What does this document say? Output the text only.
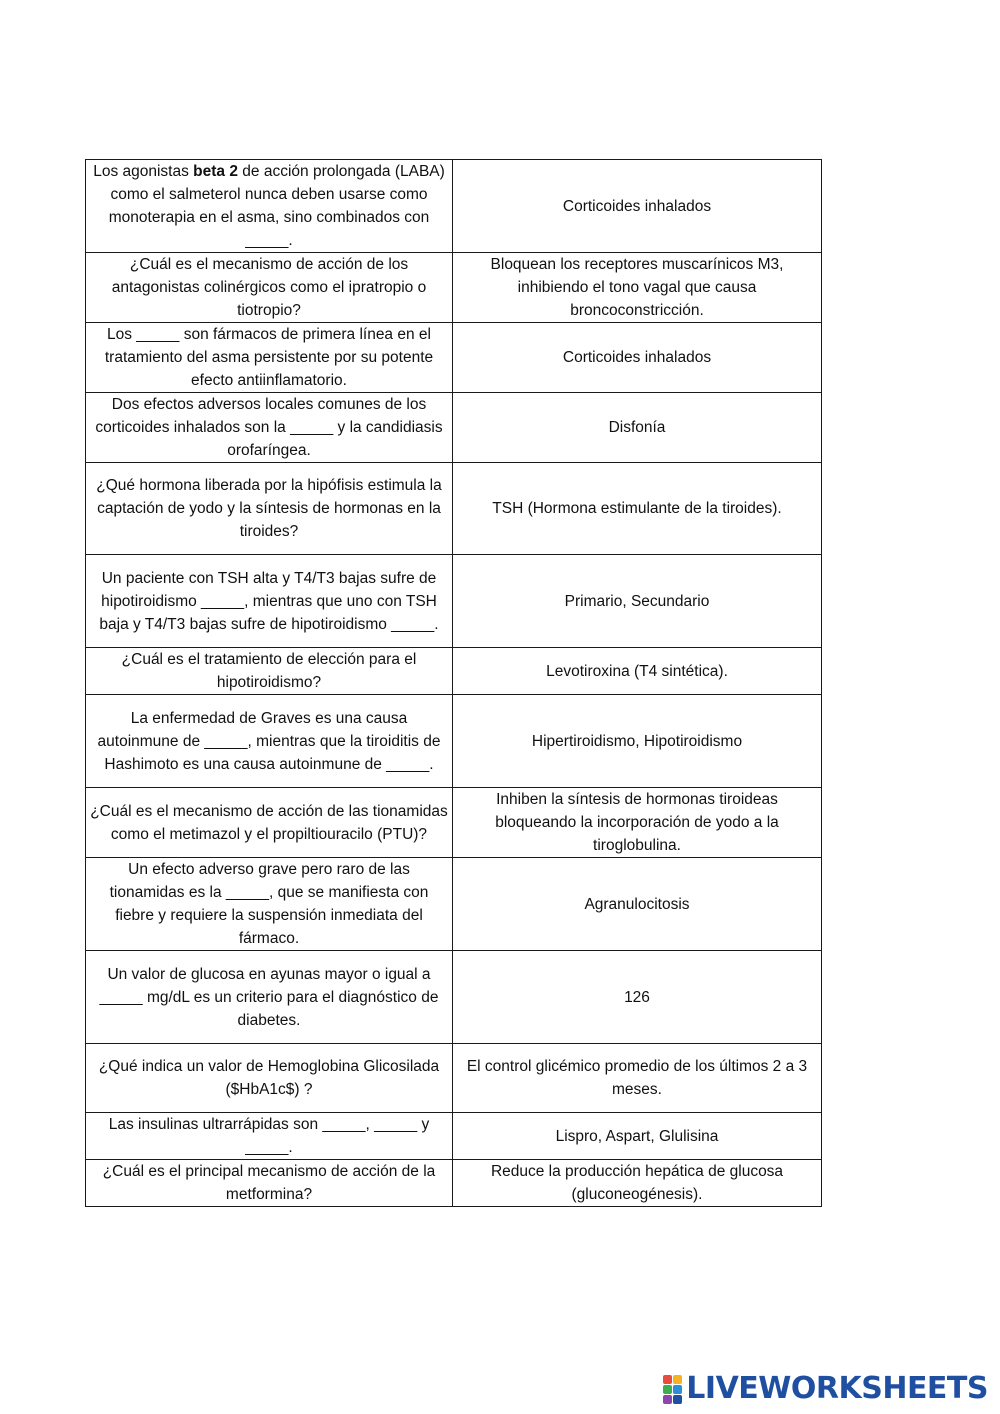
Los agonistas beta 2 de acción prolongada (LABA) como el salmeterol nunca deben usarse como monoterapia en el asma, sino combinados con _____.	Corticoides inhalados
¿Cuál es el mecanismo de acción de los antagonistas colinérgicos como el ipratropio o tiotropio?	Bloquean los receptores muscarínicos M3, inhibiendo el tono vagal que causa broncoconstricción.
Los _____ son fármacos de primera línea en el tratamiento del asma persistente por su potente efecto antiinflamatorio.	Corticoides inhalados
Dos efectos adversos locales comunes de los corticoides inhalados son la _____ y la candidiasis orofaríngea.	Disfonía
¿Qué hormona liberada por la hipófisis estimula la captación de yodo y la síntesis de hormonas en la tiroides?	TSH (Hormona estimulante de la tiroides).
Un paciente con TSH alta y T4/T3 bajas sufre de hipotiroidismo _____, mientras que uno con TSH baja y T4/T3 bajas sufre de hipotiroidismo _____.	Primario, Secundario
¿Cuál es el tratamiento de elección para el hipotiroidismo?	Levotiroxina (T4 sintética).
La enfermedad de Graves es una causa autoinmune de _____, mientras que la tiroiditis de Hashimoto es una causa autoinmune de _____.	Hipertiroidismo, Hipotiroidismo
¿Cuál es el mecanismo de acción de las tionamidas como el metimazol y el propiltiouracilo (PTU)?	Inhiben la síntesis de hormonas tiroideas bloqueando la incorporación de yodo a la tiroglobulina.
Un efecto adverso grave pero raro de las tionamidas es la _____, que se manifiesta con fiebre y requiere la suspensión inmediata del fármaco.	Agranulocitosis
Un valor de glucosa en ayunas mayor o igual a _____ mg/dL es un criterio para el diagnóstico de diabetes.	126
¿Qué indica un valor de Hemoglobina Glicosilada ($HbA1c$) ?	El control glicémico promedio de los últimos 2 a 3 meses.
Las insulinas ultrarrápidas son _____, _____ y _____.	Lispro, Aspart, Glulisina
¿Cuál es el principal mecanismo de acción de la metformina?	Reduce la producción hepática de glucosa (gluconeogénesis).
LIVEWORKSHEETS
